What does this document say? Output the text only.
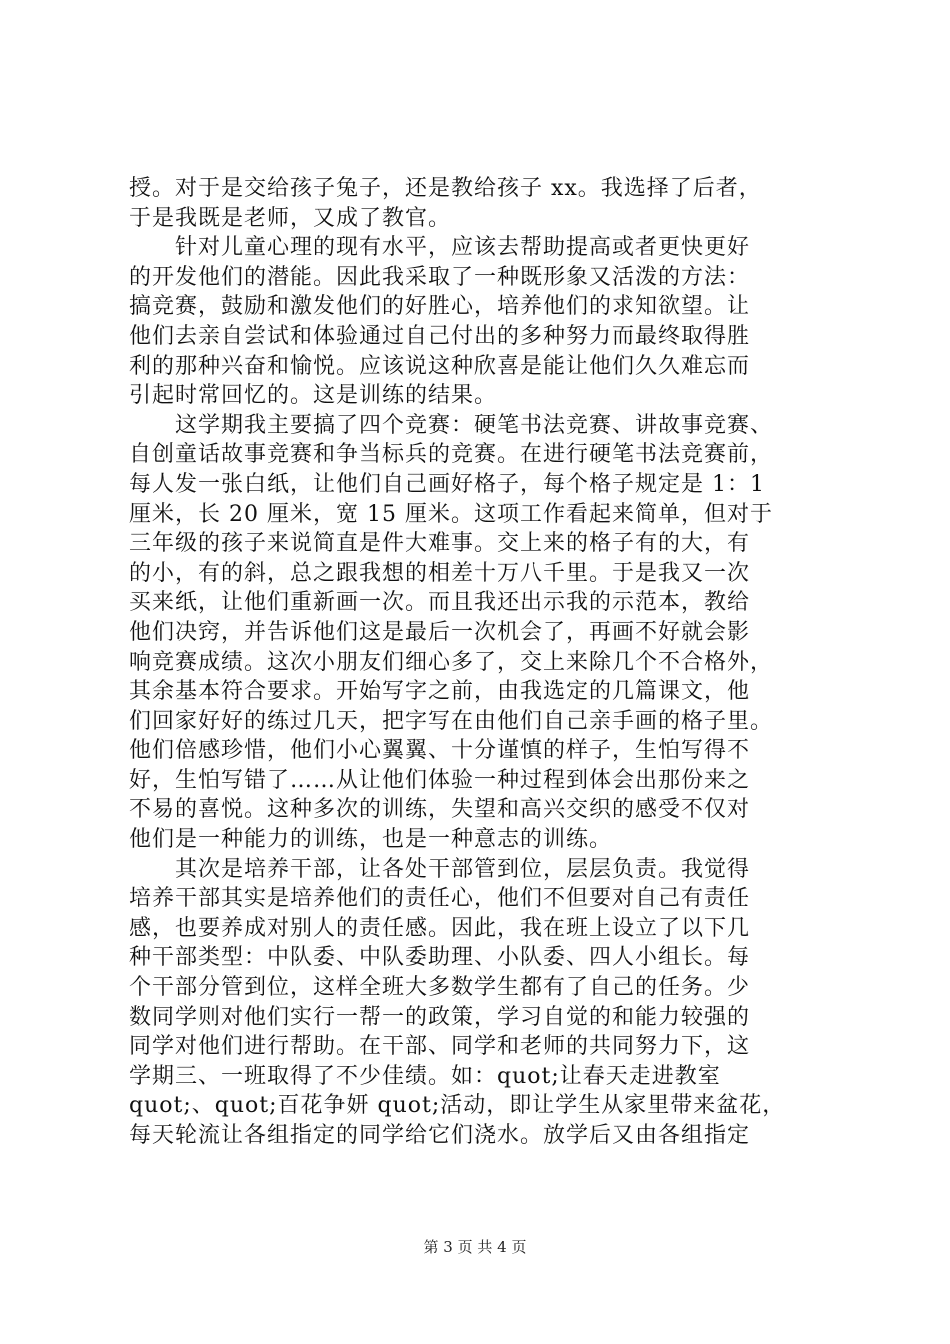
授。对于是交给孩子兔子，还是教给孩子 xx。我选择了后者，
于是我既是老师，又成了教官。
　　针对儿童心理的现有水平，应该去帮助提高或者更快更好
的开发他们的潜能。因此我采取了一种既形象又活泼的方法：
搞竞赛，鼓励和激发他们的好胜心，培养他们的求知欲望。让
他们去亲自尝试和体验通过自己付出的多种努力而最终取得胜
利的那种兴奋和愉悦。应该说这种欣喜是能让他们久久难忘而
引起时常回忆的。这是训练的结果。
　　这学期我主要搞了四个竞赛：硬笔书法竞赛、讲故事竞赛、
自创童话故事竞赛和争当标兵的竞赛。在进行硬笔书法竞赛前，
每人发一张白纸，让他们自己画好格子，每个格子规定是 1：1
厘米，长 20 厘米，宽 15 厘米。这项工作看起来简单，但对于
三年级的孩子来说简直是件大难事。交上来的格子有的大，有
的小，有的斜，总之跟我想的相差十万八千里。于是我又一次
买来纸，让他们重新画一次。而且我还出示我的示范本，教给
他们决窍，并告诉他们这是最后一次机会了，再画不好就会影
响竞赛成绩。这次小朋友们细心多了，交上来除几个不合格外，
其余基本符合要求。开始写字之前，由我选定的几篇课文，他
们回家好好的练过几天，把字写在由他们自己亲手画的格子里。
他们倍感珍惜，他们小心翼翼、十分谨慎的样子，生怕写得不
好，生怕写错了……从让他们体验一种过程到体会出那份来之
不易的喜悦。这种多次的训练，失望和高兴交织的感受不仅对
他们是一种能力的训练，也是一种意志的训练。
　　其次是培养干部，让各处干部管到位，层层负责。我觉得
培养干部其实是培养他们的责任心，他们不但要对自己有责任
感，也要养成对别人的责任感。因此，我在班上设立了以下几
种干部类型：中队委、中队委助理、小队委、四人小组长。每
个干部分管到位，这样全班大多数学生都有了自己的任务。少
数同学则对他们实行一帮一的政策，学习自觉的和能力较强的
同学对他们进行帮助。在干部、同学和老师的共同努力下，这
学期三、一班取得了不少佳绩。如：quot;让春天走进教室
quot;、quot;百花争妍 quot;活动，即让学生从家里带来盆花，
每天轮流让各组指定的同学给它们浇水。放学后又由各组指定
第 3 页 共 4 页
